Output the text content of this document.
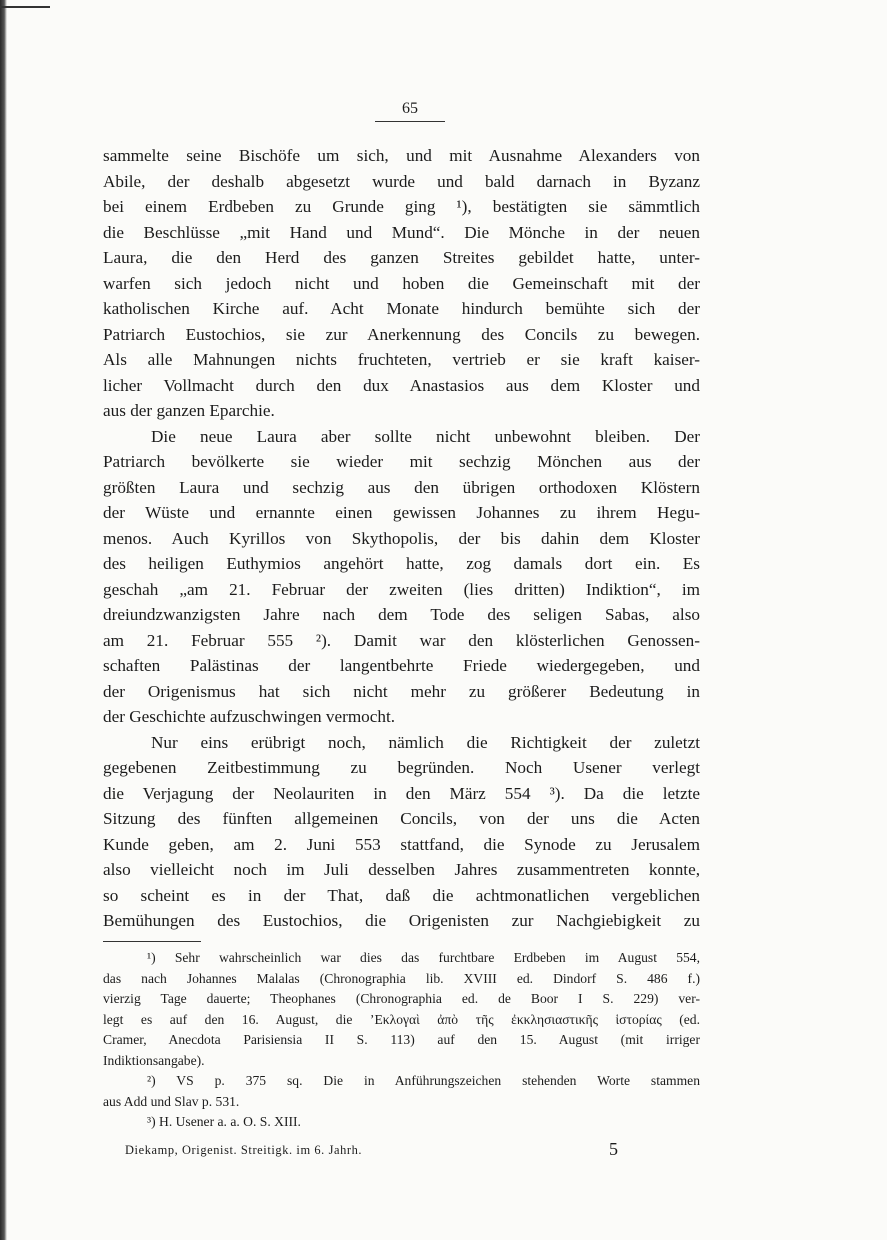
65
sammelte seine Bischöfe um sich, und mit Ausnahme Alexanders von
Abile, der deshalb abgesetzt wurde und bald darnach in Byzanz
bei einem Erdbeben zu Grunde ging ¹), bestätigten sie sämmtlich
die Beschlüsse „mit Hand und Mund“. Die Mönche in der neuen
Laura, die den Herd des ganzen Streites gebildet hatte, unter-
warfen sich jedoch nicht und hoben die Gemeinschaft mit der
katholischen Kirche auf. Acht Monate hindurch bemühte sich der
Patriarch Eustochios, sie zur Anerkennung des Concils zu bewegen.
Als alle Mahnungen nichts fruchteten, vertrieb er sie kraft kaiser-
licher Vollmacht durch den dux Anastasios aus dem Kloster und
aus der ganzen Eparchie.
Die neue Laura aber sollte nicht unbewohnt bleiben. Der
Patriarch bevölkerte sie wieder mit sechzig Mönchen aus der
größten Laura und sechzig aus den übrigen orthodoxen Klöstern
der Wüste und ernannte einen gewissen Johannes zu ihrem Hegu-
menos. Auch Kyrillos von Skythopolis, der bis dahin dem Kloster
des heiligen Euthymios angehört hatte, zog damals dort ein. Es
geschah „am 21. Februar der zweiten (lies dritten) Indiktion“, im
dreiundzwanzigsten Jahre nach dem Tode des seligen Sabas, also
am 21. Februar 555 ²). Damit war den klösterlichen Genossen-
schaften Palästinas der langentbehrte Friede wiedergegeben, und
der Origenismus hat sich nicht mehr zu größerer Bedeutung in
der Geschichte aufzuschwingen vermocht.
Nur eins erübrigt noch, nämlich die Richtigkeit der zuletzt
gegebenen Zeitbestimmung zu begründen. Noch Usener verlegt
die Verjagung der Neolauriten in den März 554 ³). Da die letzte
Sitzung des fünften allgemeinen Concils, von der uns die Acten
Kunde geben, am 2. Juni 553 stattfand, die Synode zu Jerusalem
also vielleicht noch im Juli desselben Jahres zusammentreten konnte,
so scheint es in der That, daß die achtmonatlichen vergeblichen
Bemühungen des Eustochios, die Origenisten zur Nachgiebigkeit zu
¹) Sehr wahrscheinlich war dies das furchtbare Erdbeben im August 554,
das nach Johannes Malalas (Chronographia lib. XVIII ed. Dindorf S. 486 f.)
vierzig Tage dauerte; Theophanes (Chronographia ed. de Boor I S. 229) ver-
legt es auf den 16. August, die ’Εκλογαὶ ἀπὸ τῆς ἐκκλησιαστικῆς ἱστορίας (ed.
Cramer, Anecdota Parisiensia II S. 113) auf den 15. August (mit irriger
Indiktionsangabe).
²) VS p. 375 sq. Die in Anführungszeichen stehenden Worte stammen
aus Add und Slav p. 531.
³) H. Usener a. a. O. S. XIII.
Diekamp, Origenist. Streitigk. im 6. Jahrh.	5
